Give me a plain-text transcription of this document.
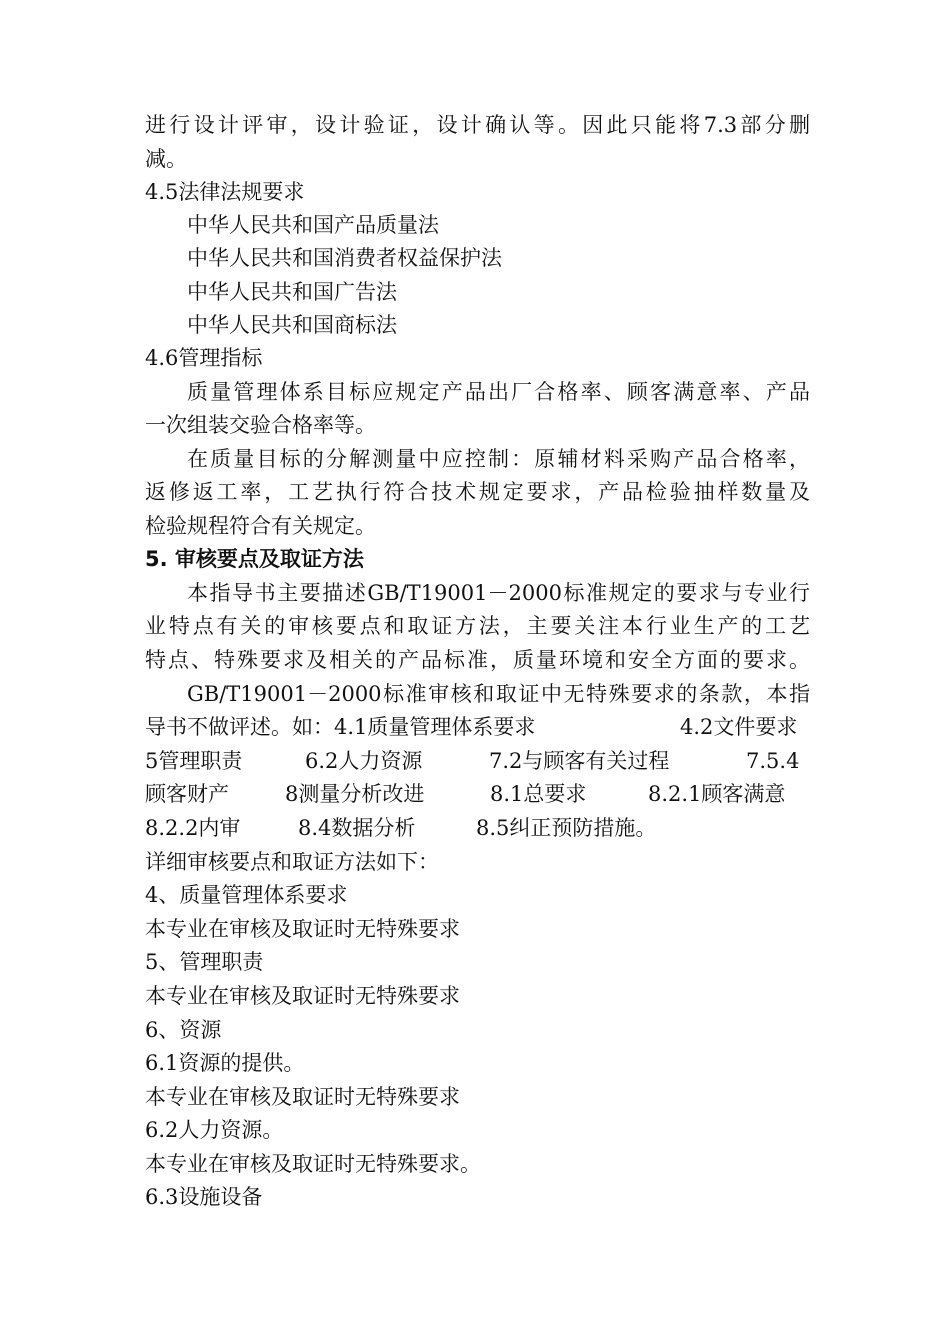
进行设计评审，设计验证，设计确认等。因此只能将7.3部分删
减。
4.5法律法规要求
中华人民共和国产品质量法
中华人民共和国消费者权益保护法
中华人民共和国广告法
中华人民共和国商标法
4.6管理指标
质量管理体系目标应规定产品出厂合格率、顾客满意率、产品
一次组装交验合格率等。
在质量目标的分解测量中应控制：原辅材料采购产品合格率，
返修返工率，工艺执行符合技术规定要求，产品检验抽样数量及
检验规程符合有关规定。
5. 审核要点及取证方法
本指导书主要描述GB/T19001－2000标准规定的要求与专业行
业特点有关的审核要点和取证方法，主要关注本行业生产的工艺
特点、特殊要求及相关的产品标准，质量环境和安全方面的要求。
GB/T19001－2000标准审核和取证中无特殊要求的条款，本指
导书不做评述。如：4.1质量管理体系要求	4.2文件要求
5管理职责	6.2人力资源	7.2与顾客有关过程	7.5.4
顾客财产	8测量分析改进	8.1总要求	8.2.1顾客满意
8.2.2内审	8.4数据分析	8.5纠正预防措施。
详细审核要点和取证方法如下：
4、质量管理体系要求
本专业在审核及取证时无特殊要求
5、管理职责
本专业在审核及取证时无特殊要求
6、资源
6.1资源的提供。
本专业在审核及取证时无特殊要求
6.2人力资源。
本专业在审核及取证时无特殊要求。
6.3设施设备
